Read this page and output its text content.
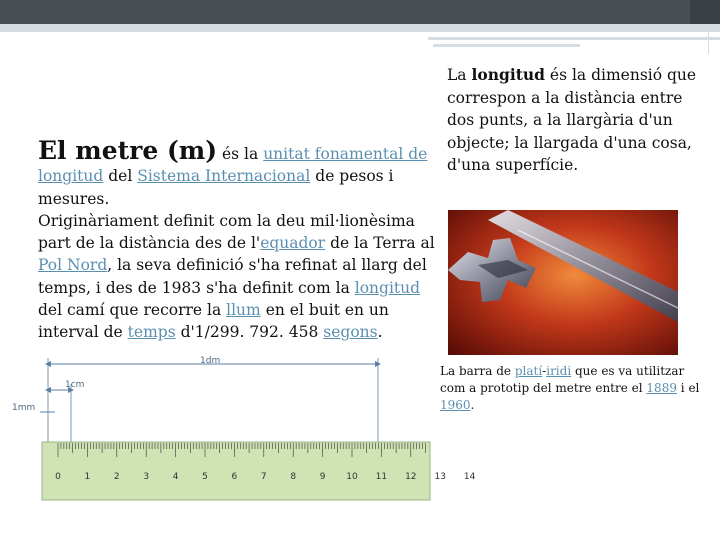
La longitud és la dimensió que correspon a la distància entre dos punts, a la llargària d'un objecte; la llargada d'una cosa, d'una superfície.
El metre (m) és la unitat fonamental de longitud del Sistema Internacional de pesos i mesures.
Originàriament definit com la deu mil·lionèsima part de la distància des de l'equador de la Terra al Pol Nord, la seva definició s'ha refinat al llarg del temps, i des de 1983 s'ha definit com la longitud del camí que recorre la llum en el buit en un interval de temps d'1/299. 792. 458 segons.
La barra de platí-iridi que es va utilitzar com a prototip del metre entre el 1889 i el 1960.
1dm
1cm
1mm
0	1	2	3	4	5	6	7	8	9 10 11 12 13 14
